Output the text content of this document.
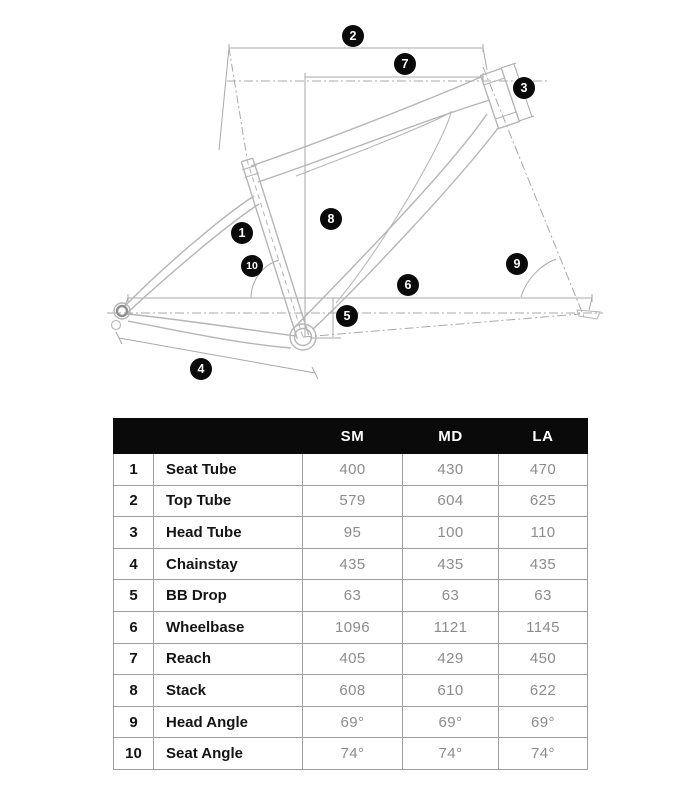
1
2
3
4
5
6
7
8
9
10
		SM	MD	LA
1	Seat Tube	400	430	470
2	Top Tube	579	604	625
3	Head Tube	95	100	110
4	Chainstay	435	435	435
5	BB Drop	63	63	63
6	Wheelbase	1096	1121	1145
7	Reach	405	429	450
8	Stack	608	610	622
9	Head Angle	69°	69°	69°
10	Seat Angle	74°	74°	74°
